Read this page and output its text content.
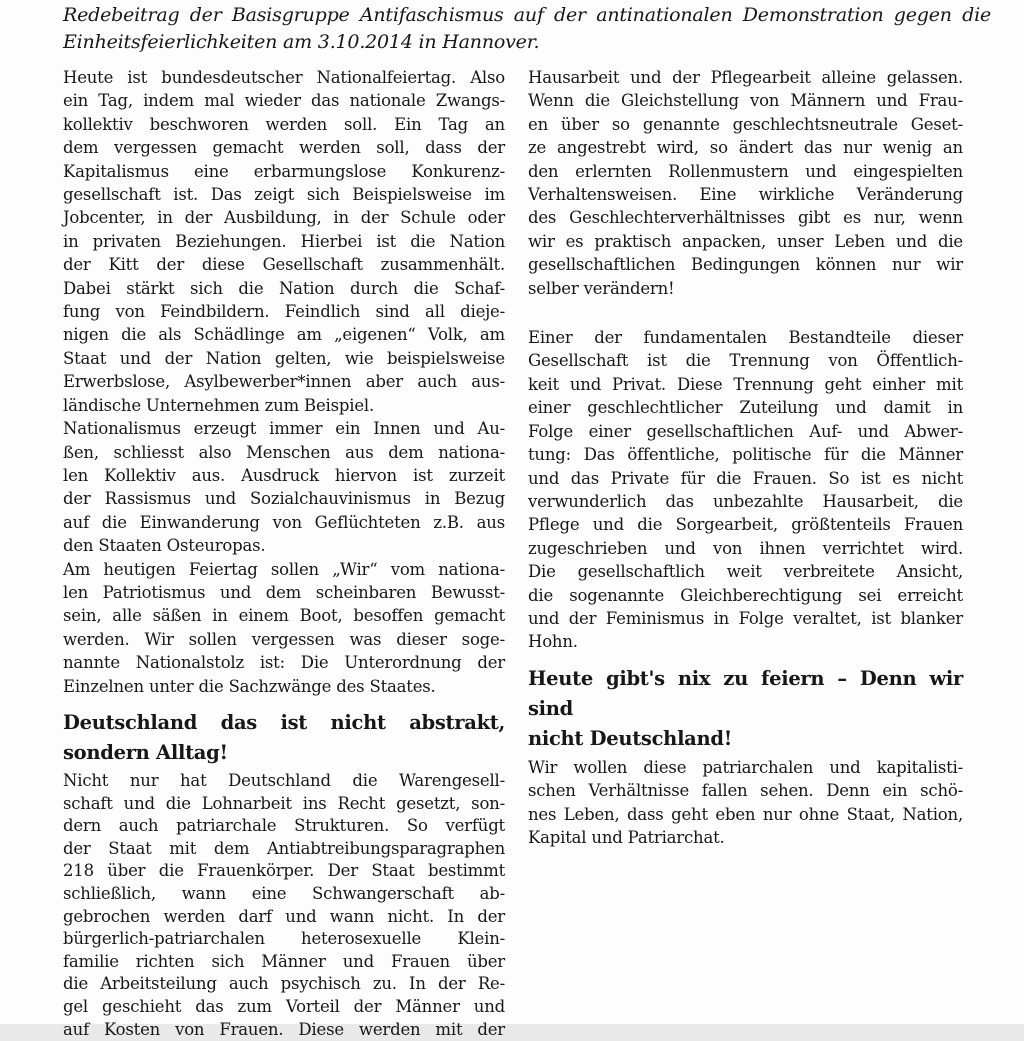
Redebeitrag der Basisgruppe Antifaschismus auf der antinationalen Demonstration gegen die
Einheitsfeierlichkeiten am 3.10.2014 in Hannover.
Heute ist bundesdeutscher Nationalfeiertag. Also
ein Tag, indem mal wieder das nationale Zwangs-
kollektiv beschworen werden soll. Ein Tag an
dem vergessen gemacht werden soll, dass der
Kapitalismus eine erbarmungslose Konkurenz-
gesellschaft ist. Das zeigt sich Beispielsweise im
Jobcenter, in der Ausbildung, in der Schule oder
in privaten Beziehungen. Hierbei ist die Nation
der Kitt der diese Gesellschaft zusammenhält.
Dabei stärkt sich die Nation durch die Schaf-
fung von Feindbildern. Feindlich sind all dieje-
nigen die als Schädlinge am „eigenen“ Volk, am
Staat und der Nation gelten, wie beispielsweise
Erwerbslose, Asylbewerber*innen aber auch aus-
ländische Unternehmen zum Beispiel.
Nationalismus erzeugt immer ein Innen und Au-
ßen, schliesst also Menschen aus dem nationa-
len Kollektiv aus. Ausdruck hiervon ist zurzeit
der Rassismus und Sozialchauvinismus in Bezug
auf die Einwanderung von Geflüchteten z.B. aus
den Staaten Osteuropas.
Am heutigen Feiertag sollen „Wir“ vom nationa-
len Patriotismus und dem scheinbaren Bewusst-
sein, alle säßen in einem Boot, besoffen gemacht
werden. Wir sollen vergessen was dieser soge-
nannte Nationalstolz ist: Die Unterordnung der
Einzelnen unter die Sachzwänge des Staates.
Deutschland das ist nicht abstrakt,
sondern Alltag!
Nicht nur hat Deutschland die Warengesell-
schaft und die Lohnarbeit ins Recht gesetzt, son-
dern auch patriarchale Strukturen. So verfügt
der Staat mit dem Antiabtreibungsparagraphen
218 über die Frauenkörper. Der Staat bestimmt
schließlich, wann eine Schwangerschaft ab-
gebrochen werden darf und wann nicht. In der
bürgerlich-patriarchalen heterosexuelle Klein-
familie richten sich Männer und Frauen über
die Arbeitsteilung auch psychisch zu. In der Re-
gel geschieht das zum Vorteil der Männer und
auf Kosten von Frauen. Diese werden mit der
Hausarbeit und der Pflegearbeit alleine gelassen.
Wenn die Gleichstellung von Männern und Frau-
en über so genannte geschlechtsneutrale Geset-
ze angestrebt wird, so ändert das nur wenig an
den erlernten Rollenmustern und eingespielten
Verhaltensweisen. Eine wirkliche Veränderung
des Geschlechterverhältnisses gibt es nur, wenn
wir es praktisch anpacken, unser Leben und die
gesellschaftlichen Bedingungen können nur wir
selber verändern!
Einer der fundamentalen Bestandteile dieser
Gesellschaft ist die Trennung von Öffentlich-
keit und Privat. Diese Trennung geht einher mit
einer geschlechtlicher Zuteilung und damit in
Folge einer gesellschaftlichen Auf- und Abwer-
tung: Das öffentliche, politische für die Männer
und das Private für die Frauen. So ist es nicht
verwunderlich das unbezahlte Hausarbeit, die
Pflege und die Sorgearbeit, größtenteils Frauen
zugeschrieben und von ihnen verrichtet wird.
Die gesellschaftlich weit verbreitete Ansicht,
die sogenannte Gleichberechtigung sei erreicht
und der Feminismus in Folge veraltet, ist blanker
Hohn.
Heute gibt's nix zu feiern – Denn wir sind
nicht Deutschland!
Wir wollen diese patriarchalen und kapitalisti-
schen Verhältnisse fallen sehen. Denn ein schö-
nes Leben, dass geht eben nur ohne Staat, Nation,
Kapital und Patriarchat.
